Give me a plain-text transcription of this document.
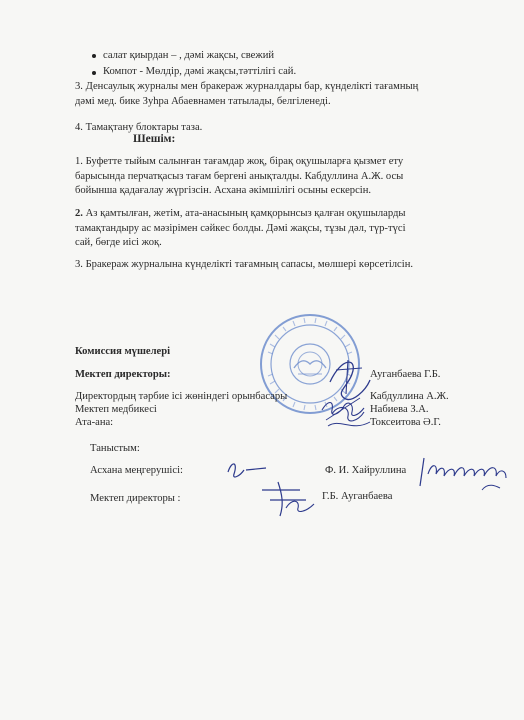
салат қиырдан – , дәмі жақсы, свежий
Компот - Мөлдір, дәмі жақсы,тәттілігі сай.
3. Денсаулық журналы мен бракераж журналдары бар, күнделікті тағамның
дәмі мед. бике Зуһра Абаевнамен татылады, белгіленеді.
4. Тамақтану блоктары таза.
Шешім:
1. Буфетте тыйым салынған тағамдар жоқ, бірақ оқушыларға қызмет ету
барысында перчатқасыз тағам бергені анықталды. Кабдуллина А.Ж. осы
бойынша қадағалау жүргізсін. Асхана әкімшілігі осыны ескерсін.
2. Аз қамтылған, жетім, ата-анасының қамқорынсыз қалған оқушыларды
тамақтандыру ас мәзірімен сәйкес болды. Дәмі жақсы, тұзы дәл, түр-түсі
сай, бөгде иісі жоқ.
3. Бракераж журналына күнделікті тағамның сапасы, мөлшері көрсетілсін.
Комиссия мүшелері
Мектеп директоры:	Ауганбаева Г.Б.
Директордың тәрбие ісі жөніндегі орынбасары	Кабдуллина А.Ж.
Мектеп медбикесі	Набиева З.А.
Ата-ана:	Токсеитова Ә.Г.
Таныстым:
Асхана меңгерушісі:	Ф. И. Хайруллина
Мектеп директоры :	Г.Б. Ауганбаева
